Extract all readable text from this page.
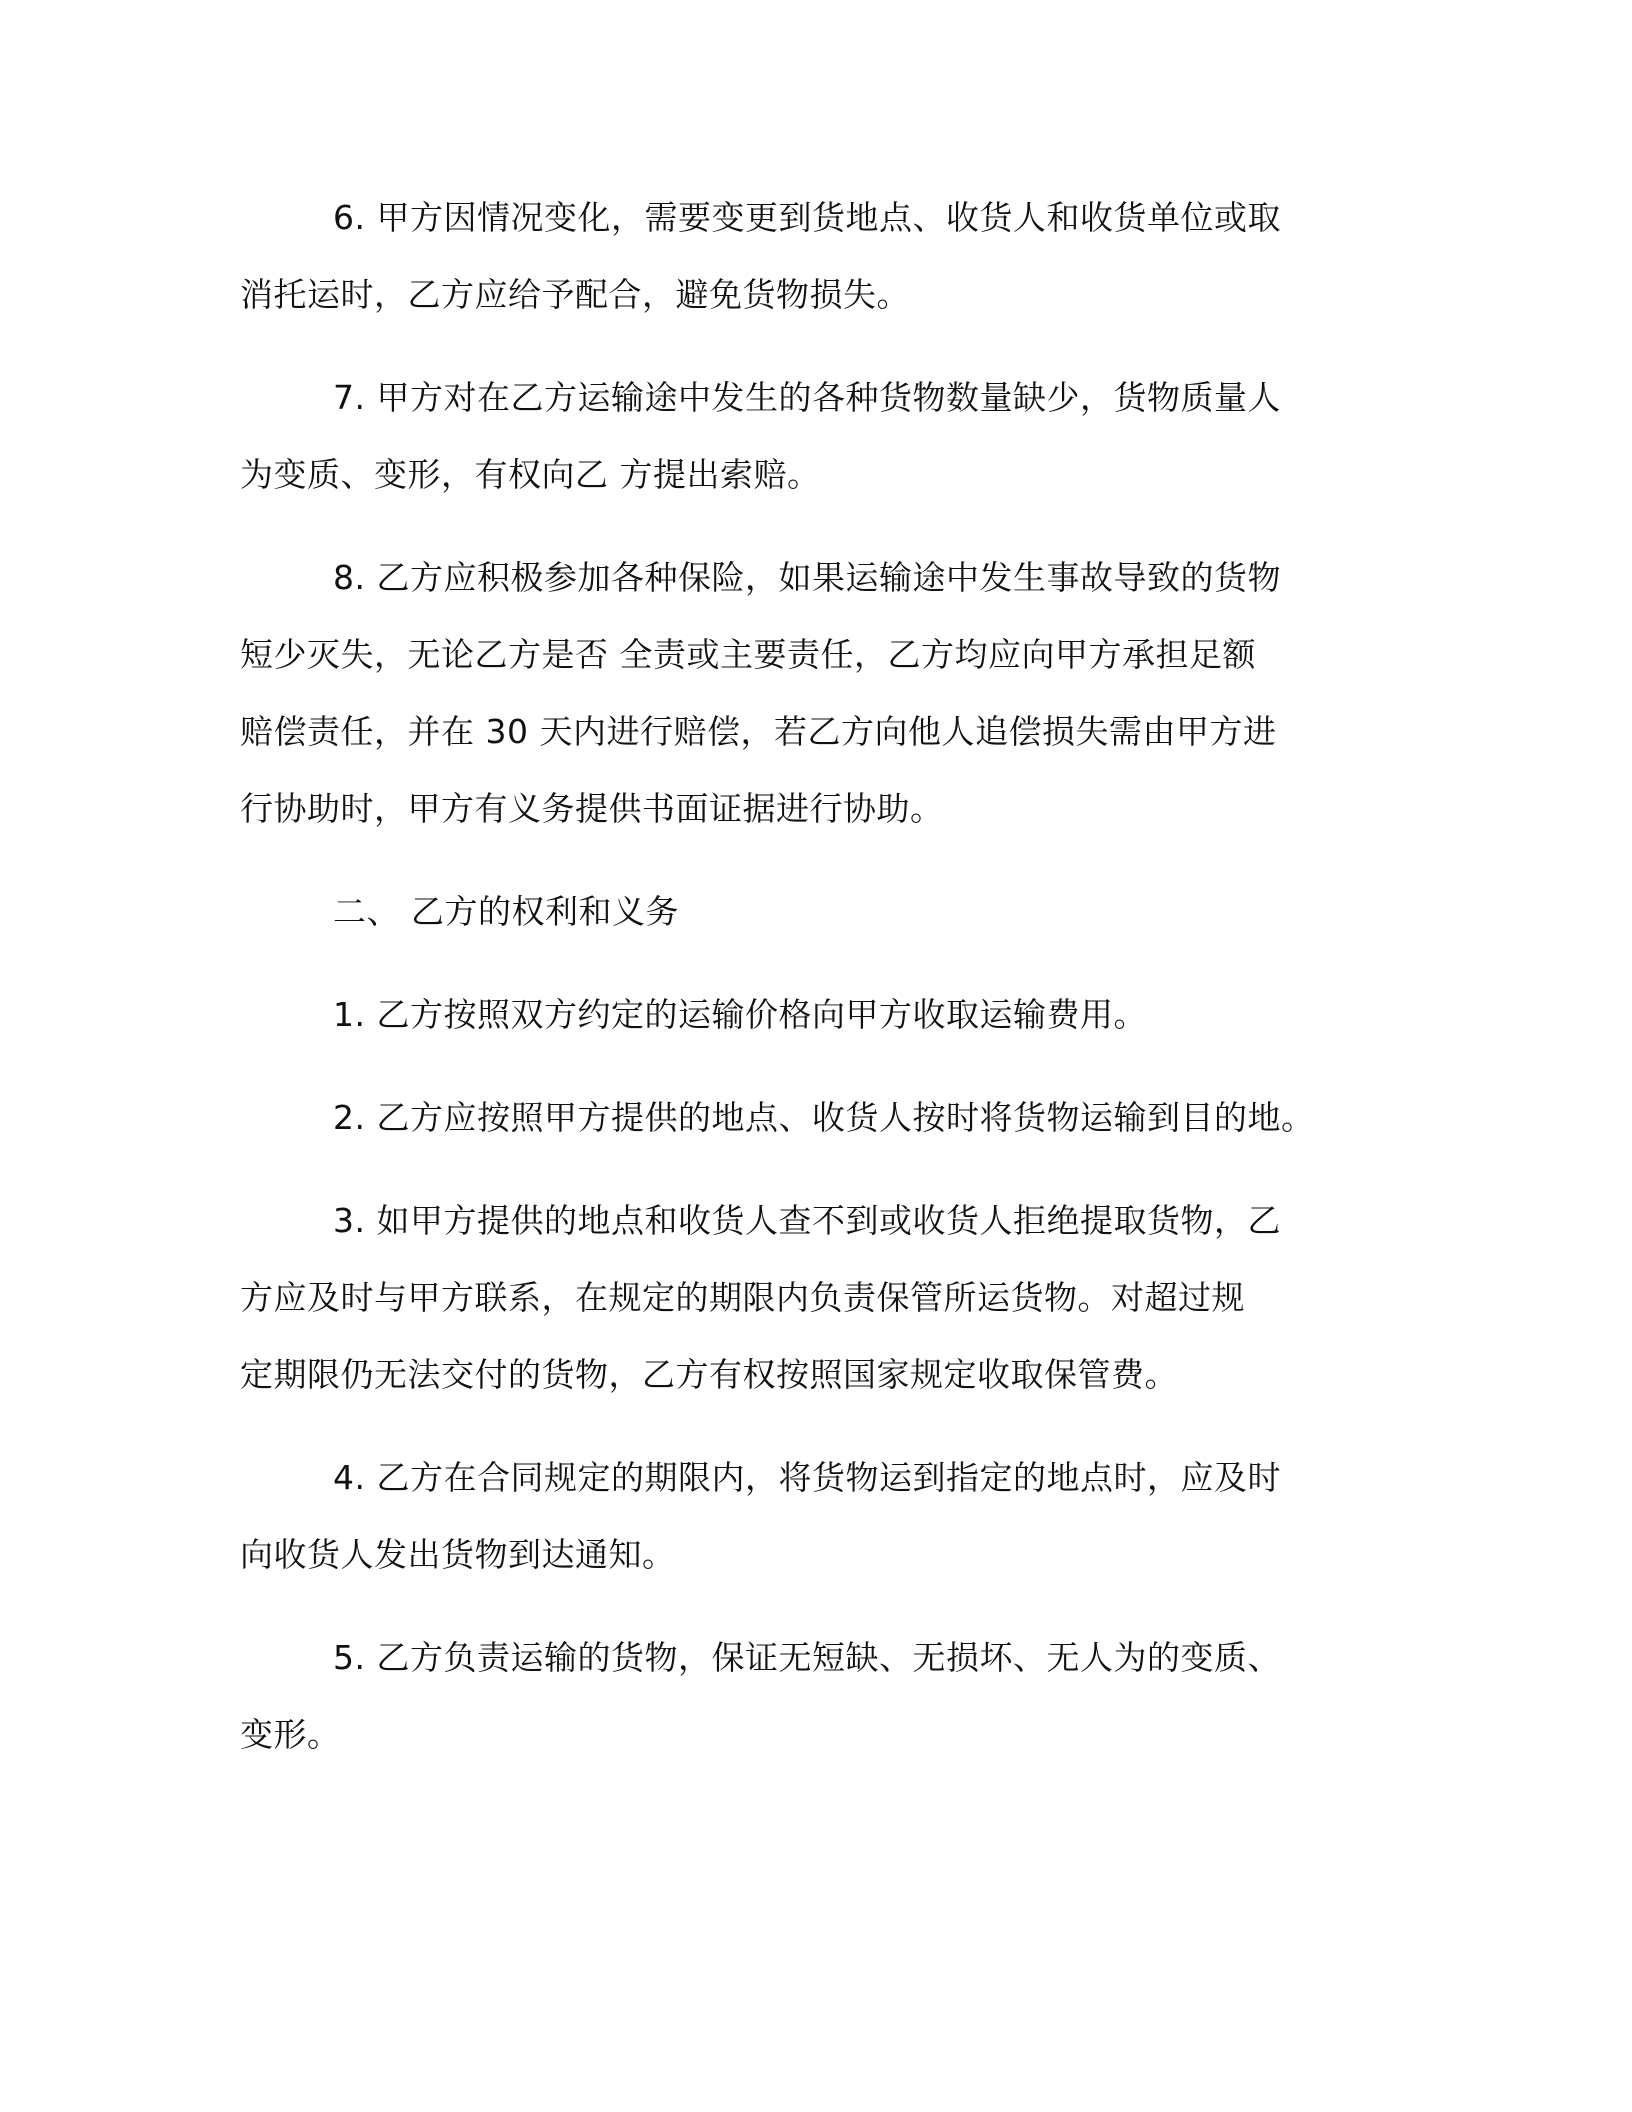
6. 甲方因情况变化，需要变更到货地点、收货人和收货单位或取
消托运时，乙方应给予配合，避免货物损失。
7. 甲方对在乙方运输途中发生的各种货物数量缺少，货物质量人
为变质、变形，有权向乙 方提出索赔。
8. 乙方应积极参加各种保险，如果运输途中发生事故导致的货物
短少灭失，无论乙方是否 全责或主要责任，乙方均应向甲方承担足额
赔偿责任，并在 30 天内进行赔偿，若乙方向他人追偿损失需由甲方进
行协助时，甲方有义务提供书面证据进行协助。
二、 乙方的权利和义务
1. 乙方按照双方约定的运输价格向甲方收取运输费用。
2. 乙方应按照甲方提供的地点、收货人按时将货物运输到目的地。
3. 如甲方提供的地点和收货人查不到或收货人拒绝提取货物，乙
方应及时与甲方联系，在规定的期限内负责保管所运货物。对超过规
定期限仍无法交付的货物，乙方有权按照国家规定收取保管费。
4. 乙方在合同规定的期限内，将货物运到指定的地点时，应及时
向收货人发出货物到达通知。
5. 乙方负责运输的货物，保证无短缺、无损坏、无人为的变质、
变形。
